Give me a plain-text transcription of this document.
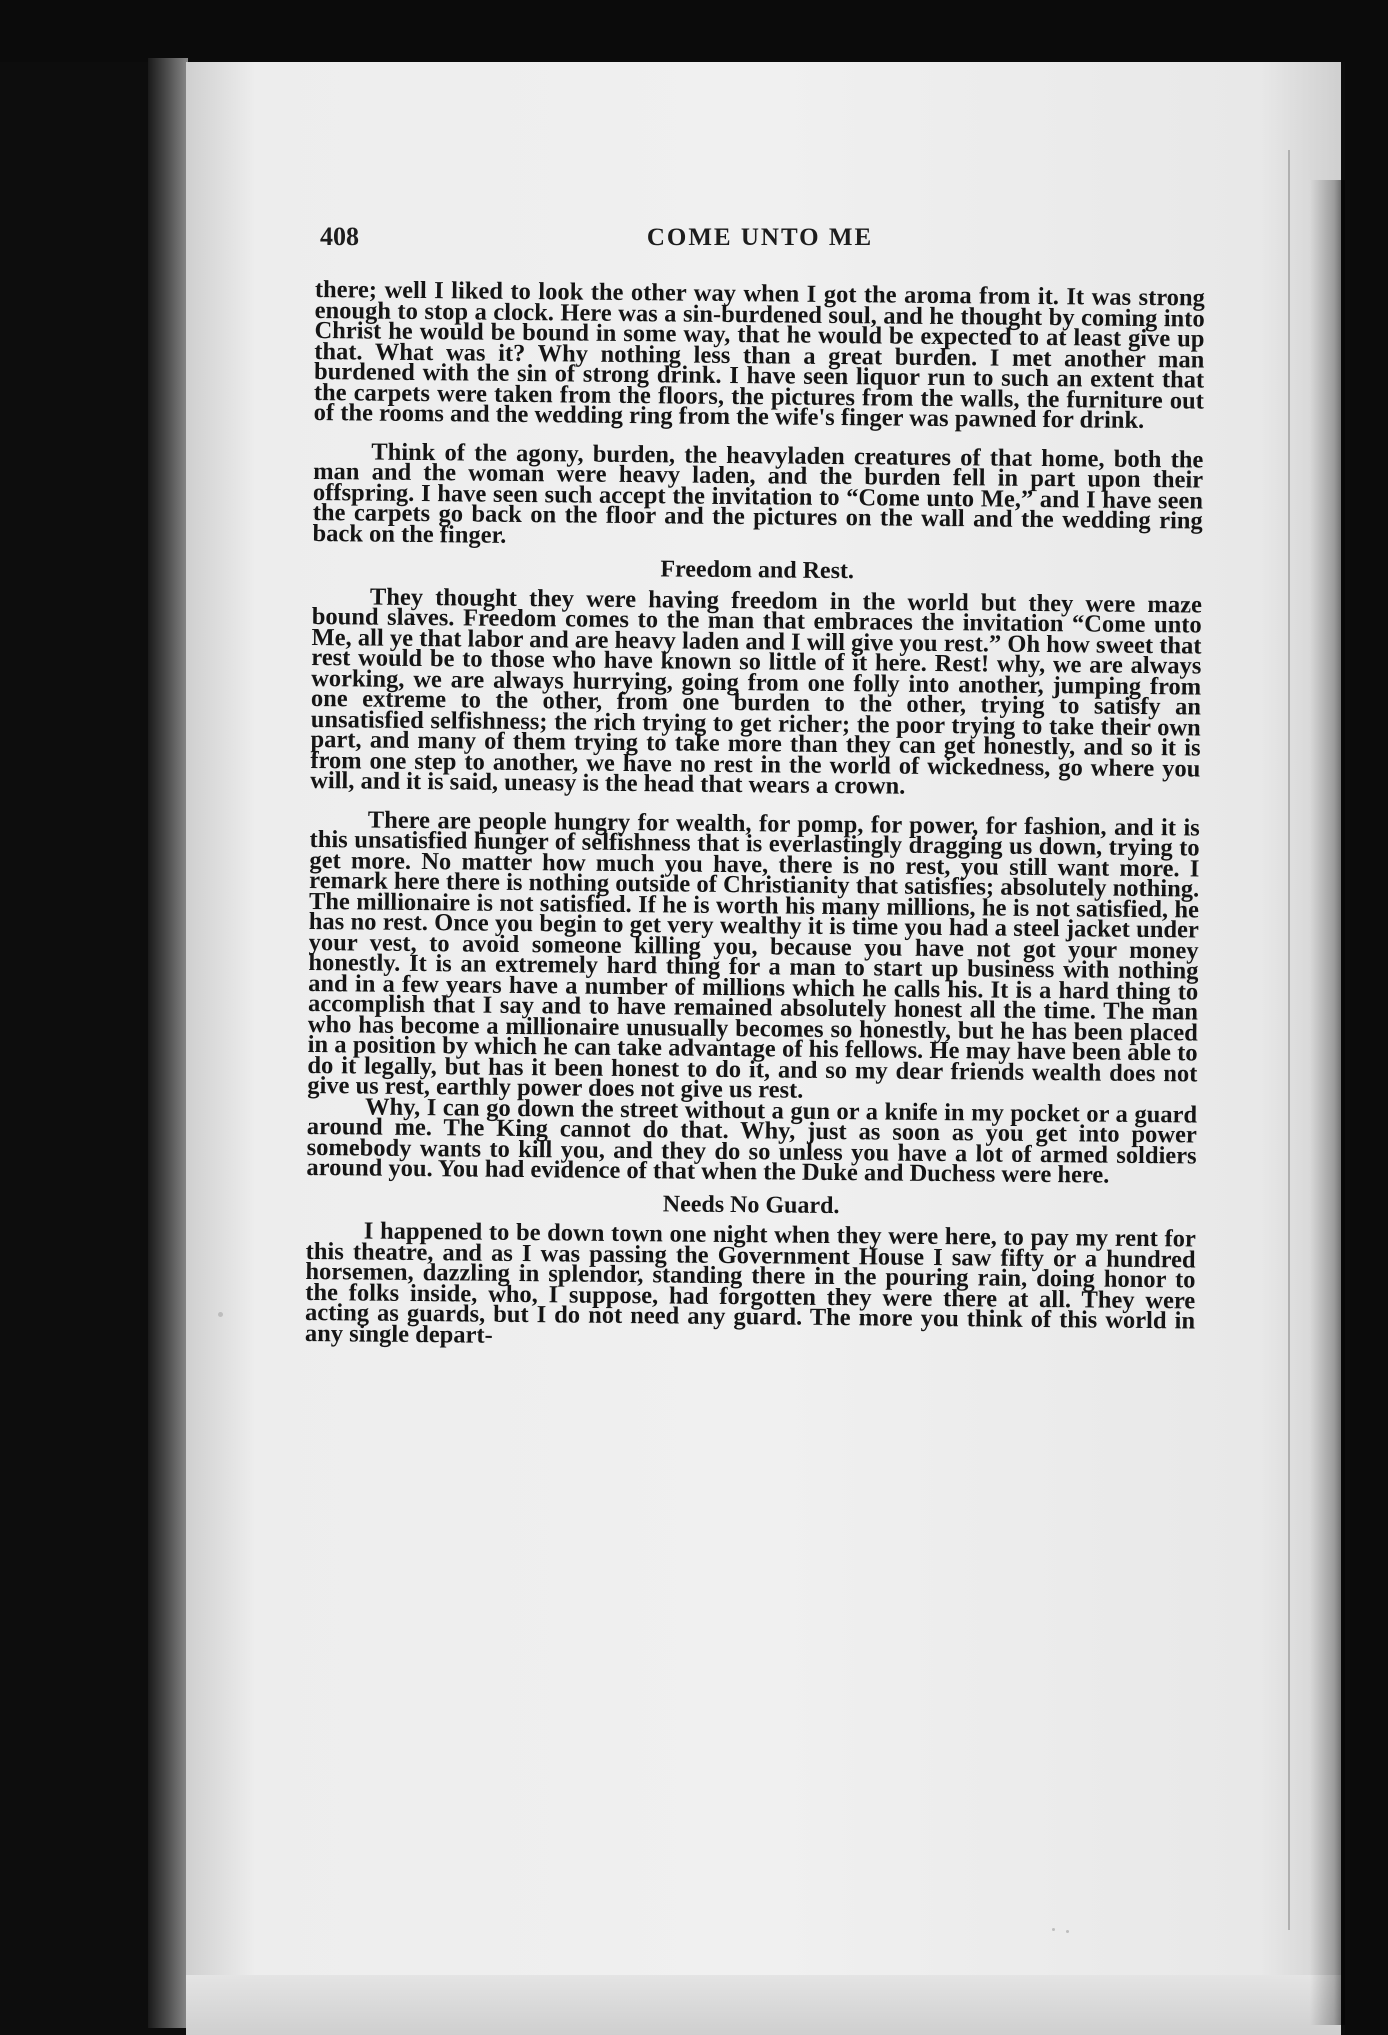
408	COME UNTO ME

there; well I liked to look the other way when I got the aroma from it. It was strong enough to stop a clock. Here was a sin-burdened soul, and he thought by coming into Christ he would be bound in some way, that he would be expected to at least give up that. What was it? Why nothing less than a great burden. I met another man burdened with the sin of strong drink. I have seen liquor run to such an extent that the carpets were taken from the floors, the pictures from the walls, the furniture out of the rooms and the wedding ring from the wife's finger was pawned for drink.

Think of the agony, burden, the heavyladen creatures of that home, both the man and the woman were heavy laden, and the burden fell in part upon their offspring. I have seen such accept the invitation to “Come unto Me,” and I have seen the carpets go back on the floor and the pictures on the wall and the wedding ring back on the finger.

Freedom and Rest.

They thought they were having freedom in the world but they were maze bound slaves. Freedom comes to the man that embraces the invitation “Come unto Me, all ye that labor and are heavy laden and I will give you rest.” Oh how sweet that rest would be to those who have known so little of it here. Rest! why, we are always working, we are always hurrying, going from one folly into another, jumping from one extreme to the other, from one burden to the other, trying to satisfy an unsatisfied selfishness; the rich trying to get richer; the poor trying to take their own part, and many of them trying to take more than they can get honestly, and so it is from one step to another, we have no rest in the world of wickedness, go where you will, and it is said, uneasy is the head that wears a crown.

There are people hungry for wealth, for pomp, for power, for fashion, and it is this unsatisfied hunger of selfishness that is everlastingly dragging us down, trying to get more. No matter how much you have, there is no rest, you still want more. I remark here there is nothing outside of Christianity that satisfies; absolutely nothing. The millionaire is not satisfied. If he is worth his many millions, he is not satisfied, he has no rest. Once you begin to get very wealthy it is time you had a steel jacket under your vest, to avoid someone killing you, because you have not got your money honestly. It is an extremely hard thing for a man to start up business with nothing and in a few years have a number of millions which he calls his. It is a hard thing to accomplish that I say and to have remained absolutely honest all the time. The man who has become a millionaire unusually becomes so honestly, but he has been placed in a position by which he can take advantage of his fellows. He may have been able to do it legally, but has it been honest to do it, and so my dear friends wealth does not give us rest, earthly power does not give us rest.

Why, I can go down the street without a gun or a knife in my pocket or a guard around me. The King cannot do that. Why, just as soon as you get into power somebody wants to kill you, and they do so unless you have a lot of armed soldiers around you. You had evidence of that when the Duke and Duchess were here.

Needs No Guard.

I happened to be down town one night when they were here, to pay my rent for this theatre, and as I was passing the Government House I saw fifty or a hundred horsemen, dazzling in splendor, standing there in the pouring rain, doing honor to the folks inside, who, I suppose, had forgotten they were there at all. They were acting as guards, but I do not need any guard. The more you think of this world in any single depart-
